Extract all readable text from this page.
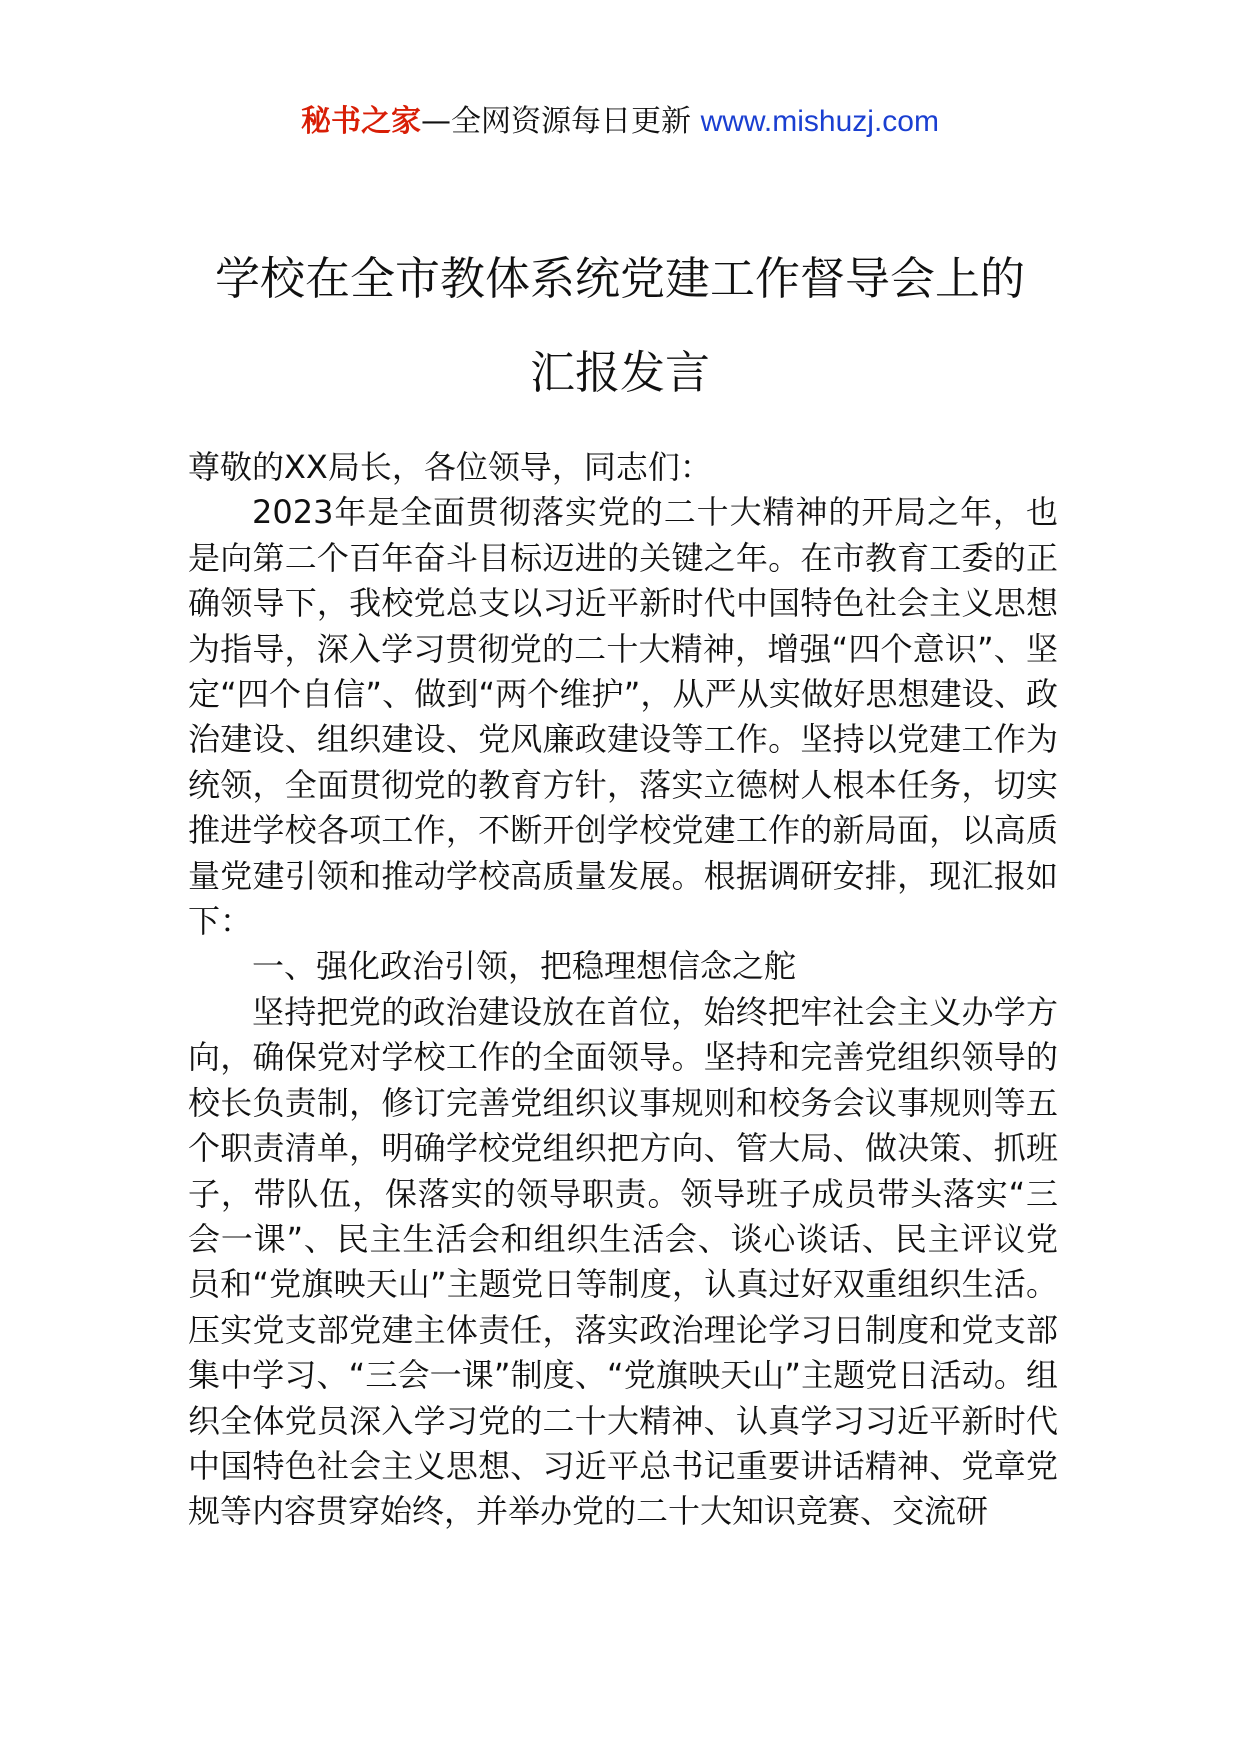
秘书之家—全网资源每日更新 www.mishuzj.com
学校在全市教体系统党建工作督导会上的
汇报发言

尊敬的XX局长，各位领导，同志们：

2023年是全面贯彻落实党的二十大精神的开局之年，也是向第二个百年奋斗目标迈进的关键之年。在市教育工委的正确领导下，我校党总支以习近平新时代中国特色社会主义思想为指导，深入学习贯彻党的二十大精神，增强“四个意识”、坚定“四个自信”、做到“两个维护”，从严从实做好思想建设、政治建设、组织建设、党风廉政建设等工作。坚持以党建工作为统领，全面贯彻党的教育方针，落实立德树人根本任务，切实推进学校各项工作，不断开创学校党建工作的新局面，以高质量党建引领和推动学校高质量发展。根据调研安排，现汇报如下：

一、强化政治引领，把稳理想信念之舵

坚持把党的政治建设放在首位，始终把牢社会主义办学方向，确保党对学校工作的全面领导。坚持和完善党组织领导的校长负责制，修订完善党组织议事规则和校务会议事规则等五个职责清单，明确学校党组织把方向、管大局、做决策、抓班子，带队伍，保落实的领导职责。领导班子成员带头落实“三会一课”、民主生活会和组织生活会、谈心谈话、民主评议党员和“党旗映天山”主题党日等制度，认真过好双重组织生活。压实党支部党建主体责任，落实政治理论学习日制度和党支部集中学习、“三会一课”制度、“党旗映天山”主题党日活动。组织全体党员深入学习党的二十大精神、认真学习习近平新时代中国特色社会主义思想、习近平总书记重要讲话精神、党章党规等内容贯穿始终，并举办党的二十大知识竞赛、交流研
